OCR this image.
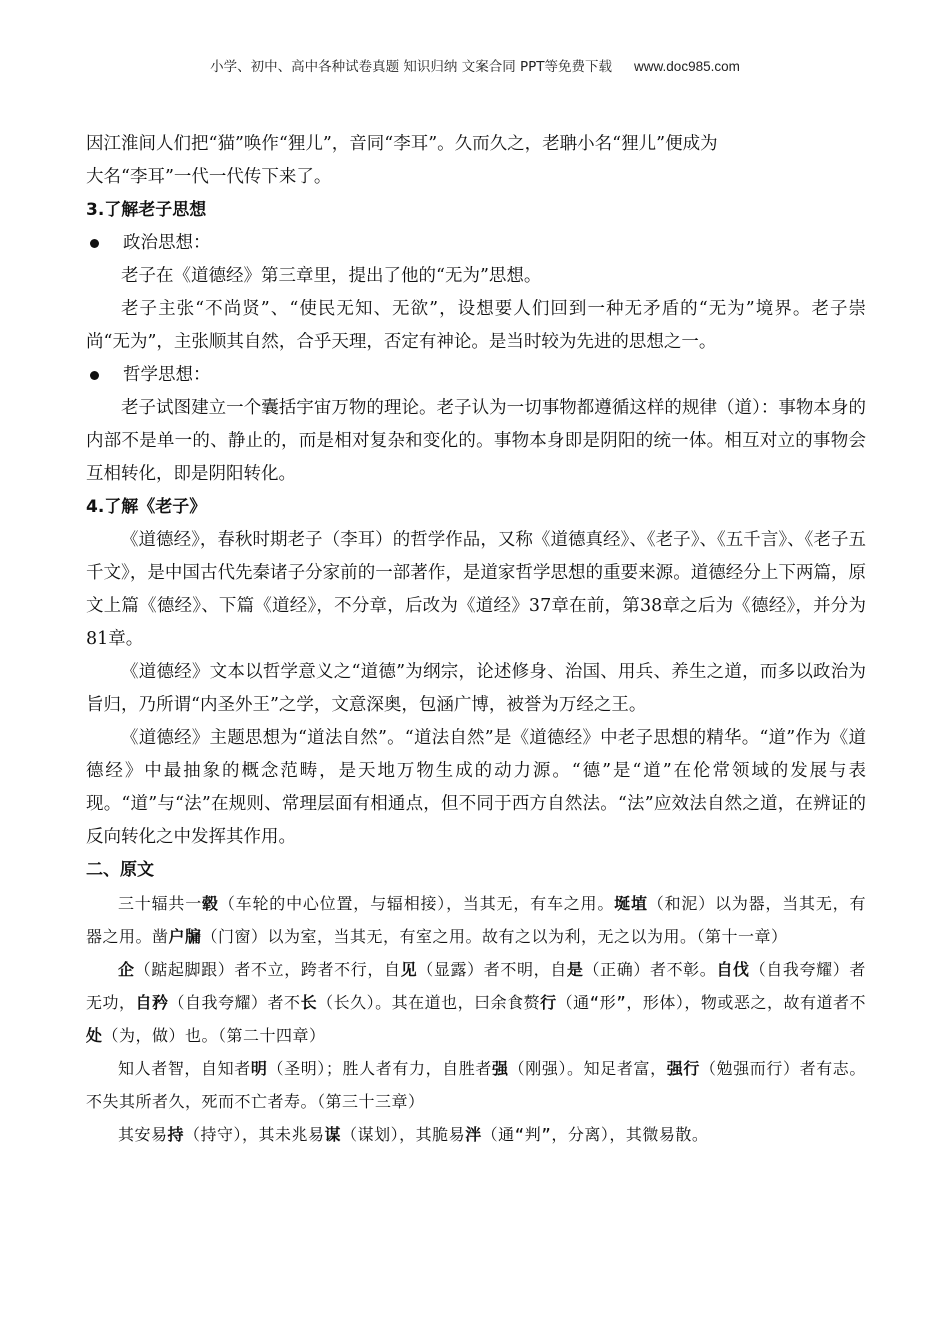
小学、初中、高中各种试卷真题 知识归纳 文案合同 PPT等免费下载 www.doc985.com

因江淮间人们把“猫”唤作“狸儿”，音同“李耳”。久而久之，老聃小名“狸儿”便成为

大名“李耳”一代一代传下来了。

3.了解老子思想

政治思想：

老子在《道德经》第三章里，提出了他的“无为”思想。

老子主张“不尚贤”、“使民无知、无欲”，设想要人们回到一种无矛盾的“无为”境界。老子崇尚“无为”，主张顺其自然，合乎天理，否定有神论。是当时较为先进的思想之一。

哲学思想：

老子试图建立一个囊括宇宙万物的理论。老子认为一切事物都遵循这样的规律（道）：事物本身的内部不是单一的、静止的，而是相对复杂和变化的。事物本身即是阴阳的统一体。相互对立的事物会互相转化，即是阴阳转化。

4.了解《老子》

《道德经》，春秋时期老子（李耳）的哲学作品，又称《道德真经》、《老子》、《五千言》、《老子五千文》，是中国古代先秦诸子分家前的一部著作，是道家哲学思想的重要来源。道德经分上下两篇，原文上篇《德经》、下篇《道经》，不分章，后改为《道经》37章在前，第38章之后为《德经》，并分为81章。

《道德经》文本以哲学意义之“道德”为纲宗，论述修身、治国、用兵、养生之道，而多以政治为旨归，乃所谓“内圣外王”之学，文意深奥，包涵广博，被誉为万经之王。

《道德经》主题思想为“道法自然”。“道法自然”是《道德经》中老子思想的精华。“道”作为《道德经》中最抽象的概念范畴，是天地万物生成的动力源。“德”是“道”在伦常领域的发展与表现。“道”与“法”在规则、常理层面有相通点，但不同于西方自然法。“法”应效法自然之道，在辨证的反向转化之中发挥其作用。

二、原文

三十辐共一毂（车轮的中心位置，与辐相接），当其无，有车之用。埏埴（和泥）以为器，当其无，有器之用。凿户牖（门窗）以为室，当其无，有室之用。故有之以为利，无之以为用。（第十一章）

企（踮起脚跟）者不立，跨者不行，自见（显露）者不明，自是（正确）者不彰。自伐（自我夸耀）者无功，自矜（自我夸耀）者不长（长久）。其在道也，曰余食赘行（通“形”，形体），物或恶之，故有道者不处（为，做）也。（第二十四章）

知人者智，自知者明（圣明）；胜人者有力，自胜者强（刚强）。知足者富，强行（勉强而行）者有志。不失其所者久，死而不亡者寿。（第三十三章）

其安易持（持守），其未兆易谋（谋划），其脆易泮（通“判”，分离），其微易散。
